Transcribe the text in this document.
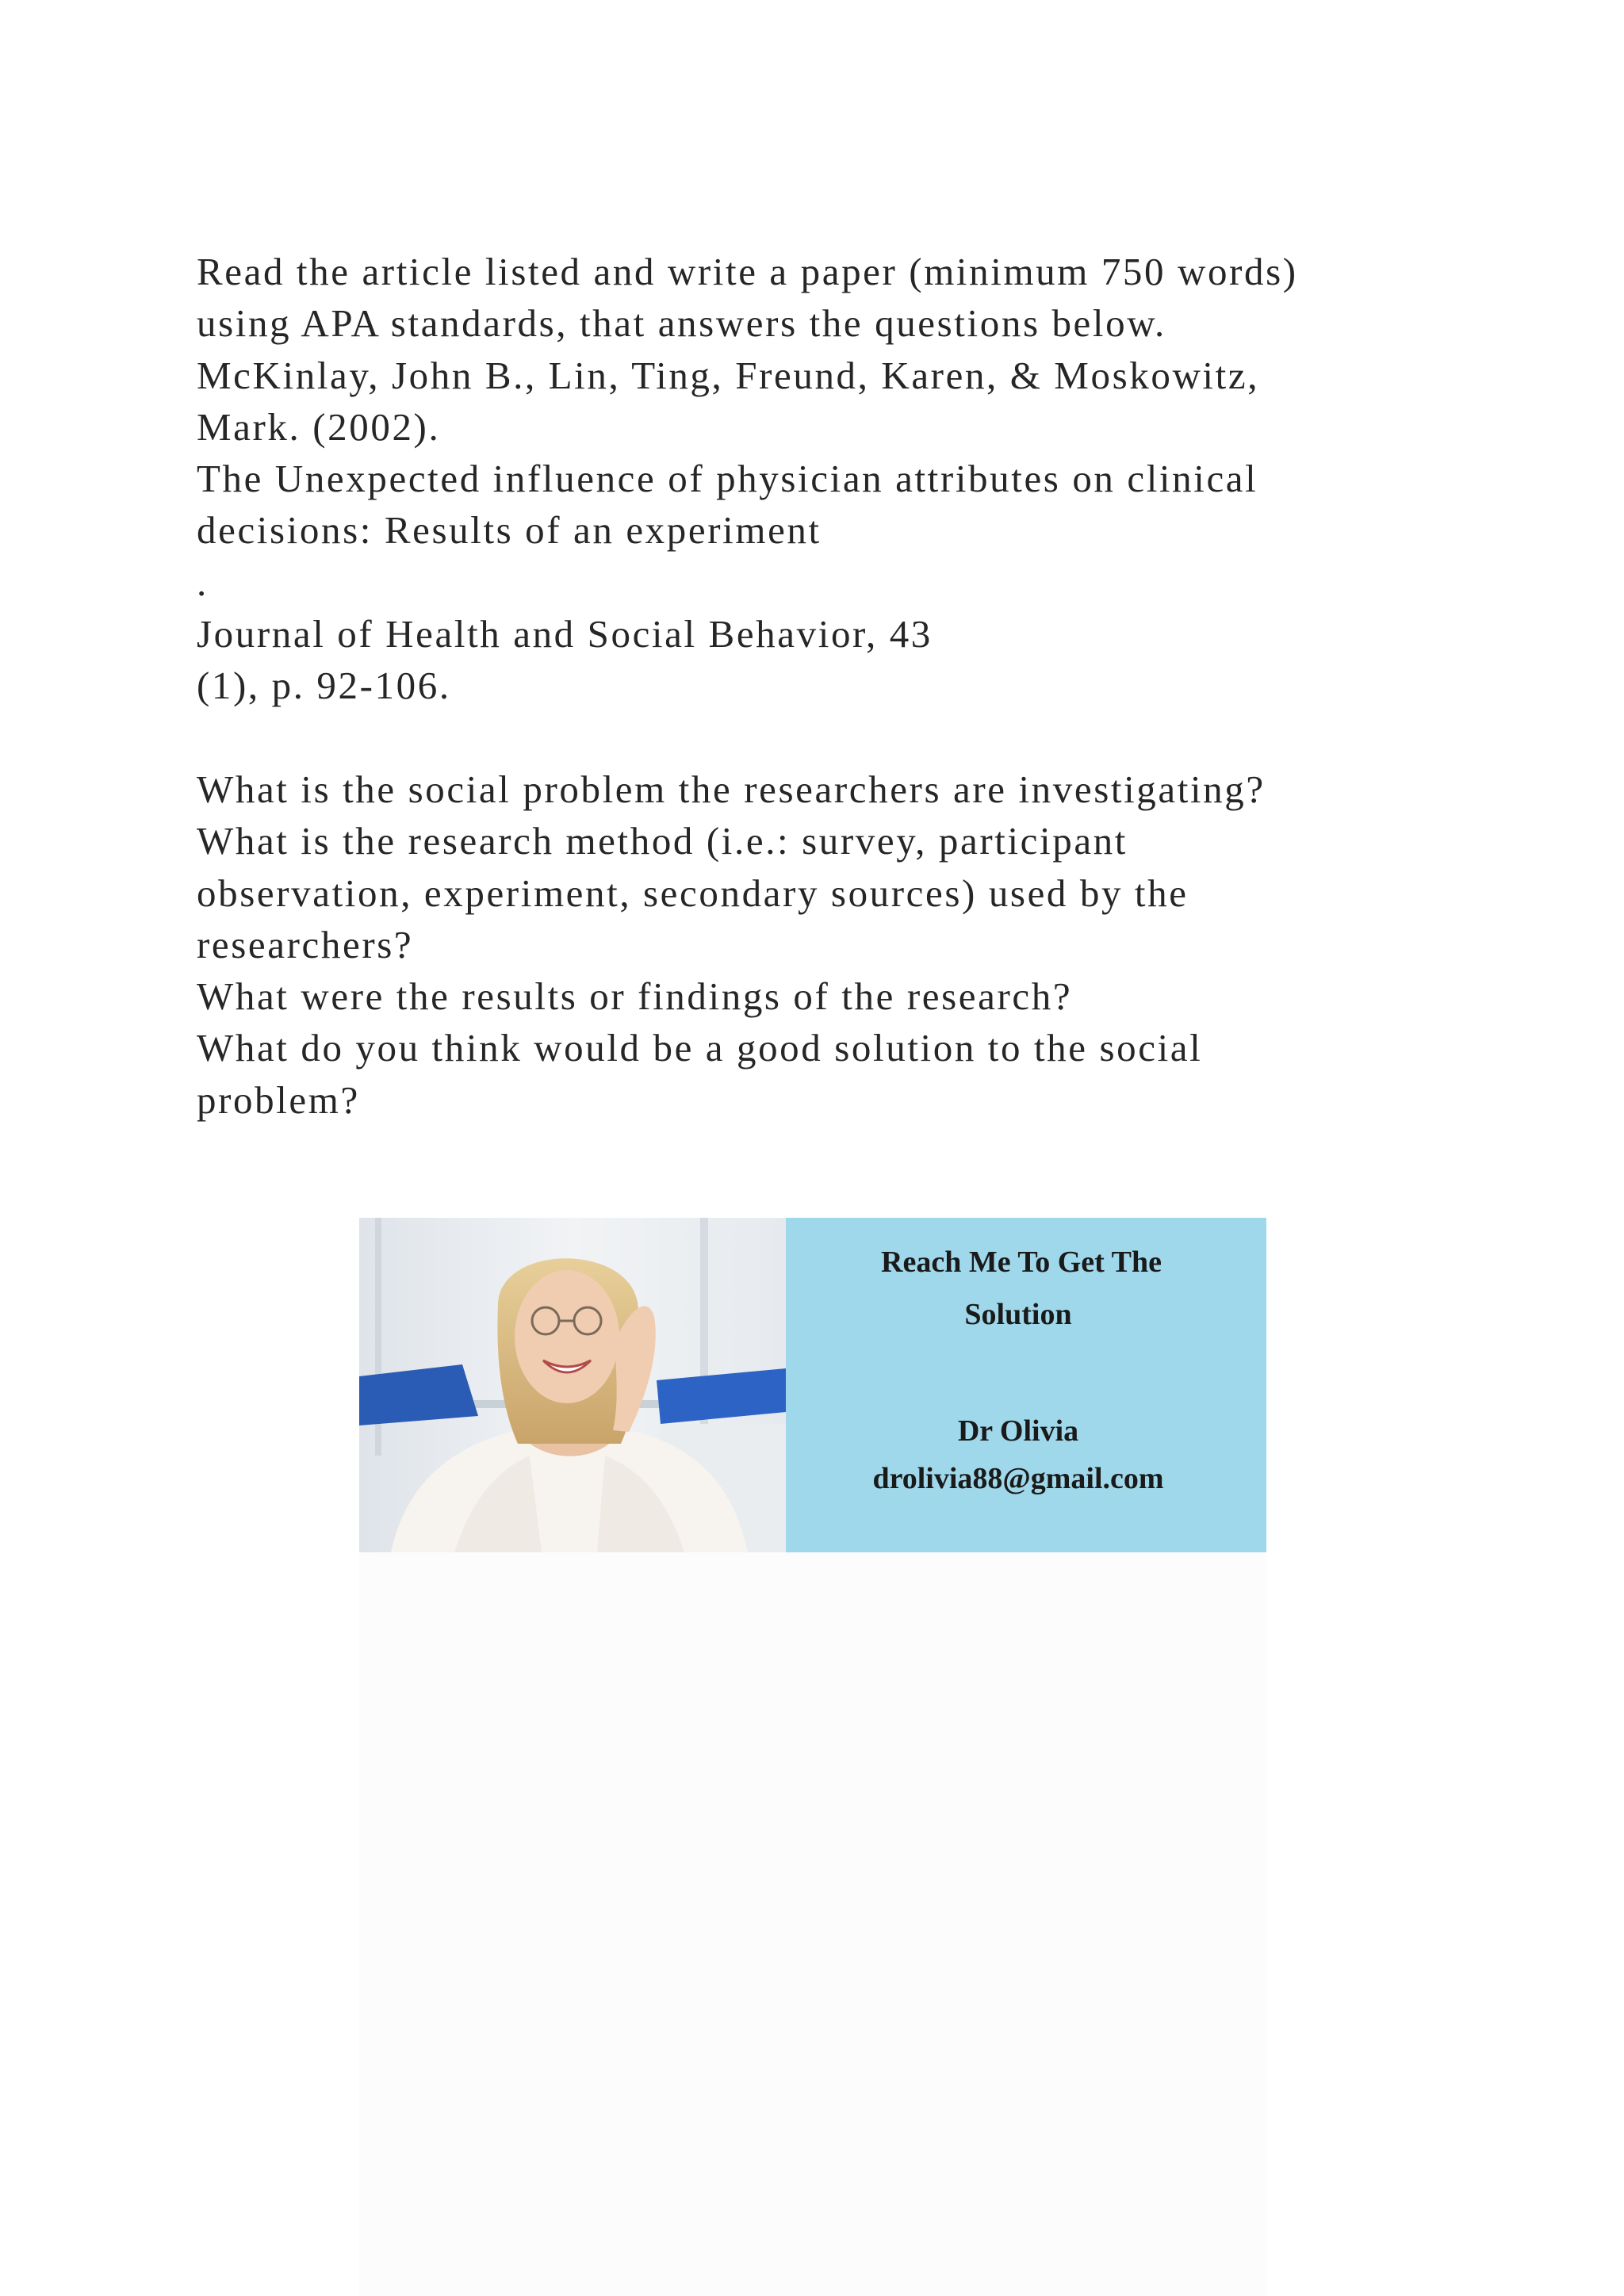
Read the article listed and write a paper (minimum 750 words)
using APA standards, that answers the questions below.
McKinlay, John B., Lin, Ting, Freund, Karen, & Moskowitz,
Mark. (2002).
The Unexpected influence of physician attributes on clinical
decisions: Results of an experiment
.
Journal of Health and Social Behavior, 43
(1), p. 92-106.
What is the social problem the researchers are investigating?
What is the research method (i.e.: survey, participant
observation, experiment, secondary sources) used by the
researchers?
What were the results or findings of the research?
What do you think would be a good solution to the social
problem?
Reach Me To Get The
Solution
Dr Olivia
drolivia88@gmail.com
